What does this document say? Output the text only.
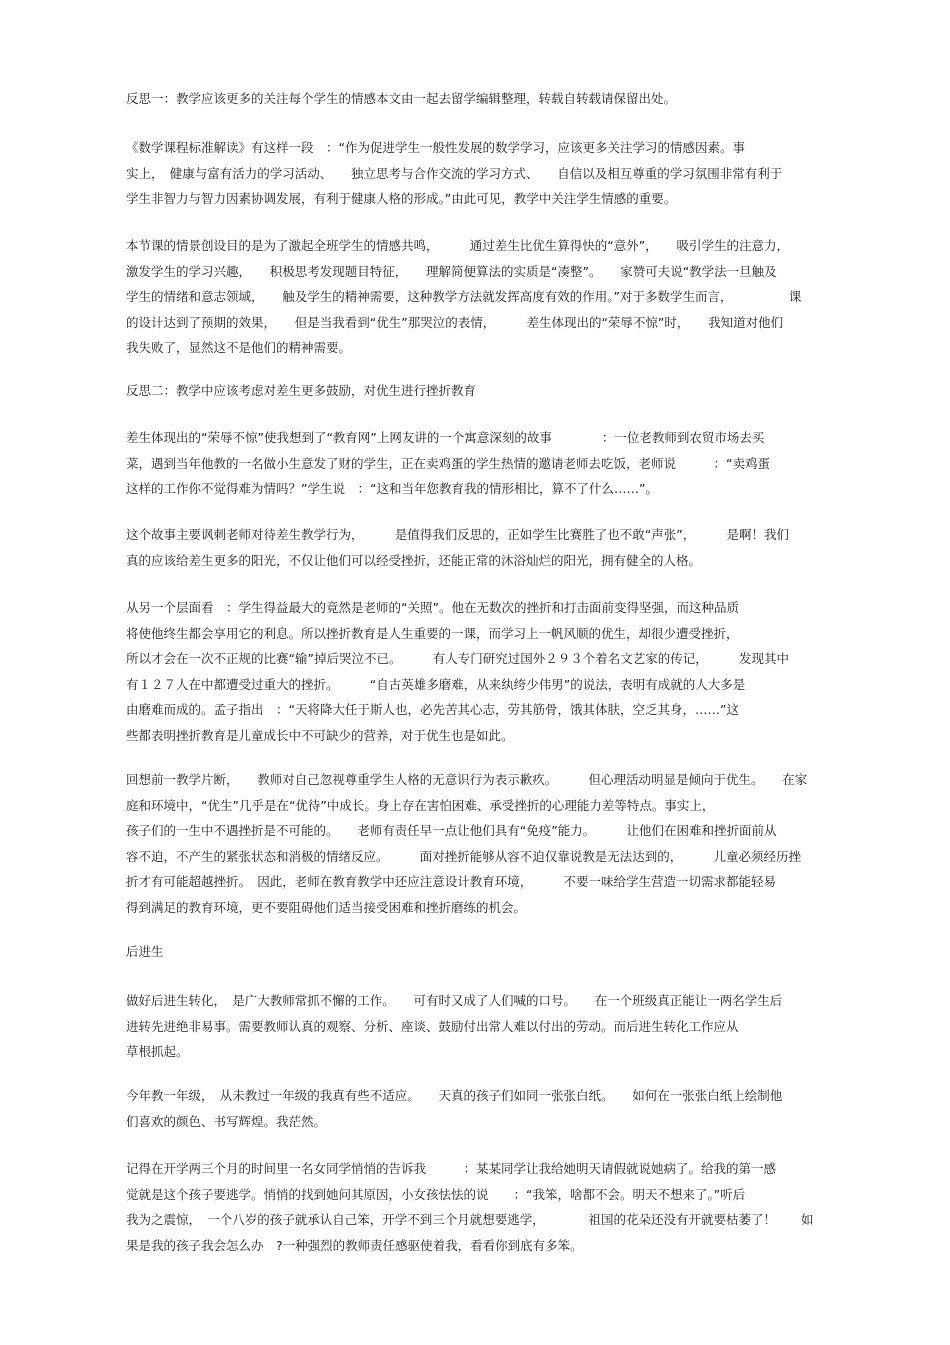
反思一：教学应该更多的关注每个学生的情感本文由一起去留学编辑整理，转载自转载请保留出处。
《数学课程标准解读》有这样一段　：“作为促进学生一般性发展的数学学习，应该更多关注学习的情感因素。事
实上，　健康与富有活力的学习活动、　　独立思考与合作交流的学习方式、　　自信以及相互尊重的学习氛围非常有利于
学生非智力与智力因素协调发展，有利于健康人格的形成。”由此可见，教学中关注学生情感的重要。
本节课的情景创设目的是为了激起全班学生的情感共鸣，　　　通过差生比优生算得快的“意外”，　　吸引学生的注意力，
激发学生的学习兴趣，　　积极思考发现题目特征，　　理解简便算法的实质是“凑整”。　　家赞可夫说“教学法一旦触及
学生的情绪和意志领域，　　触及学生的精神需要，这种教学方法就发挥高度有效的作用。”对于多数学生而言，　　　　　课
的设计达到了预期的效果，　　但是当我看到“优生”那哭泣的表情，　　　差生体现出的“荣辱不惊”时，　　我知道对他们
我失败了，显然这不是他们的精神需要。
反思二：教学中应该考虑对差生更多鼓励，对优生进行挫折教育
差生体现出的“荣辱不惊”使我想到了“教育网”上网友讲的一个寓意深刻的故事　　　　：一位老教师到农贸市场去买
菜，遇到当年他教的一名做小生意发了财的学生，正在卖鸡蛋的学生热情的邀请老师去吃饭，老师说　　　：“卖鸡蛋
这样的工作你不觉得难为情吗？”学生说　：“这和当年您教育我的情形相比，算不了什么……”。
这个故事主要讽刺老师对待差生教学行为，　　　是值得我们反思的，正如学生比赛胜了也不敢“声张”，　　　是啊！我们
真的应该给差生更多的阳光，不仅让他们可以经受挫折，还能正常的沐浴灿烂的阳光，拥有健全的人格。
从另一个层面看　：学生得益最大的竟然是老师的“关照”。他在无数次的挫折和打击面前变得坚强，而这种品质
将使他终生都会享用它的利息。所以挫折教育是人生重要的一课，而学习上一帆风顺的优生，却很少遭受挫折，
所以才会在一次不正规的比赛“输”掉后哭泣不已。　　　有人专门研究过国外２９３个着名文艺家的传记，　　　发现其中
有１２７人在中都遭受过重大的挫折。　　　“自古英雄多磨难，从来纨绔少伟男”的说法，表明有成就的人大多是
由磨难而成的。孟子指出　：“天将降大任于斯人也，必先苦其心志，劳其筋骨，饿其体肤，空乏其身，……”这
些都表明挫折教育是儿童成长中不可缺少的营养，对于优生也是如此。
回想前一教学片断，　　教师对自己忽视尊重学生人格的无意识行为表示歉疚。　　　但心理活动明显是倾向于优生。　　在家
庭和环境中，“优生”几乎是在“优待”中成长。身上存在害怕困难、承受挫折的心理能力差等特点。事实上，
孩子们的一生中不遇挫折是不可能的。　　老师有责任早一点让他们具有“免疫”能力。　　　让他们在困难和挫折面前从
容不迫，不产生的紧张状态和消极的情绪反应。　　　面对挫折能够从容不迫仅靠说教是无法达到的，　　　儿童必须经历挫
折才有可能超越挫折。　因此，老师在教育教学中还应注意设计教育环境，　　　不要一味给学生营造一切需求都能轻易
得到满足的教育环境，更不要阻碍他们适当接受困难和挫折磨练的机会。
后进生
做好后进生转化，　是广大教师常抓不懈的工作。　　可有时又成了人们喊的口号。　　在一个班级真正能让一两名学生后
进转先进绝非易事。需要教师认真的观察、分析、座谈、鼓励付出常人难以付出的劳动。而后进生转化工作应从
草根抓起。
今年教一年级，　从未教过一年级的我真有些不适应。　　天真的孩子们如同一张张白纸。　　如何在一张张白纸上绘制他
们喜欢的颜色、书写辉煌。我茫然。
记得在开学两三个月的时间里一名女同学悄悄的告诉我　　　：某某同学让我给她明天请假就说她病了。给我的第一感
觉就是这个孩子要逃学。悄悄的找到她问其原因，小女孩怯怯的说　　：“我笨，啥都不会。明天不想来了。”听后
我为之震惊，　一个八岁的孩子就承认自己笨，开学不到三个月就想要逃学，　　　　祖国的花朵还没有开就要枯萎了！　　如
果是我的孩子我会怎么办　?一种强烈的教师责任感驱使着我，看看你到底有多笨。
